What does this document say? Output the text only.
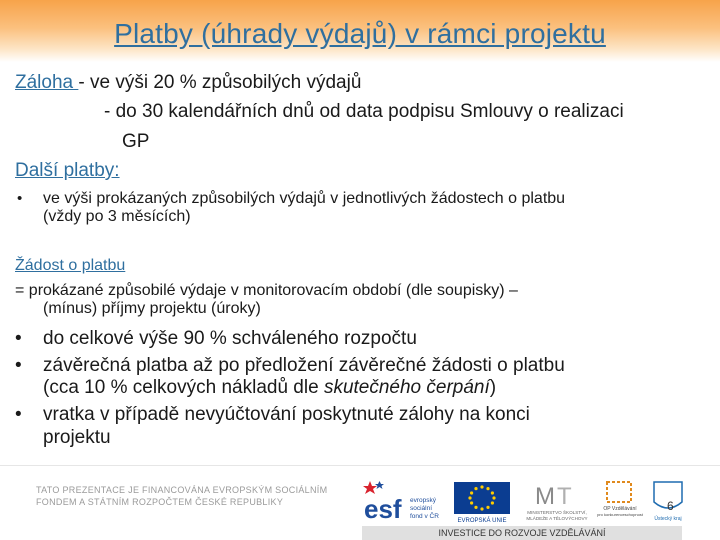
Platby (úhrady výdajů) v rámci projektu
Záloha - ve výši 20 % způsobilých výdajů
- do 30 kalendářních dnů od data podpisu Smlouvy o realizaci
GP
Další platby:
• ve výši prokázaných způsobilých výdajů v jednotlivých žádostech o platbu
(vždy po 3 měsících)
Žádost o platbu
= prokázané způsobilé výdaje v monitorovacím období (dle soupisky) –
(mínus) příjmy projektu (úroky)
• do celkové výše 90 % schváleného rozpočtu
• závěrečná platba až po předložení závěrečné žádosti o platbu
(cca 10 % celkových nákladů dle skutečného čerpání)
• vratka v případě nevyúčtování poskytnuté zálohy na konci
projektu
TATO PREZENTACE JE FINANCOVÁNA EVROPSKÝM SOCIÁLNÍM
FONDEM A STÁTNÍM ROZPOČTEM ČESKÉ REPUBLIKY	esf evropský
sociální
fond v ČR
EVROPSKÁ UNIE
M T
MINISTERSTVO ŠKOLSTVÍ,
MLÁDEŽE A TĚLOVÝCHOVY
OP Vzdělávání
pro konkurenceschopnost
Ústecký kraj
6
INVESTICE DO ROZVOJE VZDĚLÁVÁNÍ
